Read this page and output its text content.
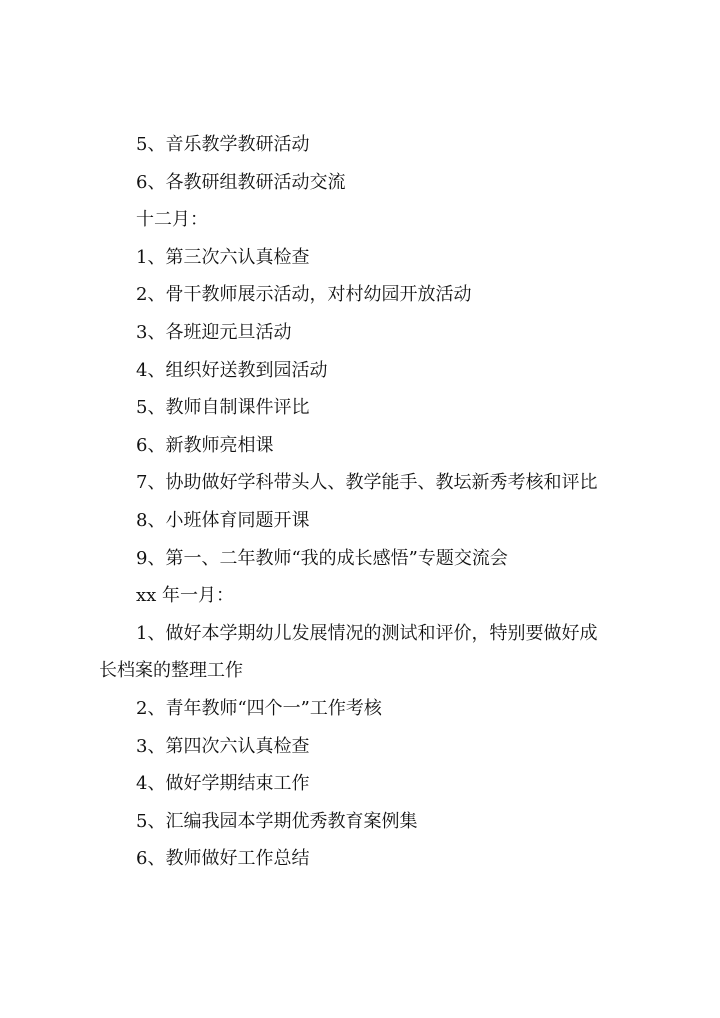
5、音乐教学教研活动
6、各教研组教研活动交流
十二月：
1、第三次六认真检查
2、骨干教师展示活动，对村幼园开放活动
3、各班迎元旦活动
4、组织好送教到园活动
5、教师自制课件评比
6、新教师亮相课
7、协助做好学科带头人、教学能手、教坛新秀考核和评比
8、小班体育同题开课
9、第一、二年教师“我的成长感悟”专题交流会
xx 年一月：
1、做好本学期幼儿发展情况的测试和评价，特别要做好成
长档案的整理工作
2、青年教师“四个一”工作考核
3、第四次六认真检查
4、做好学期结束工作
5、汇编我园本学期优秀教育案例集
6、教师做好工作总结
